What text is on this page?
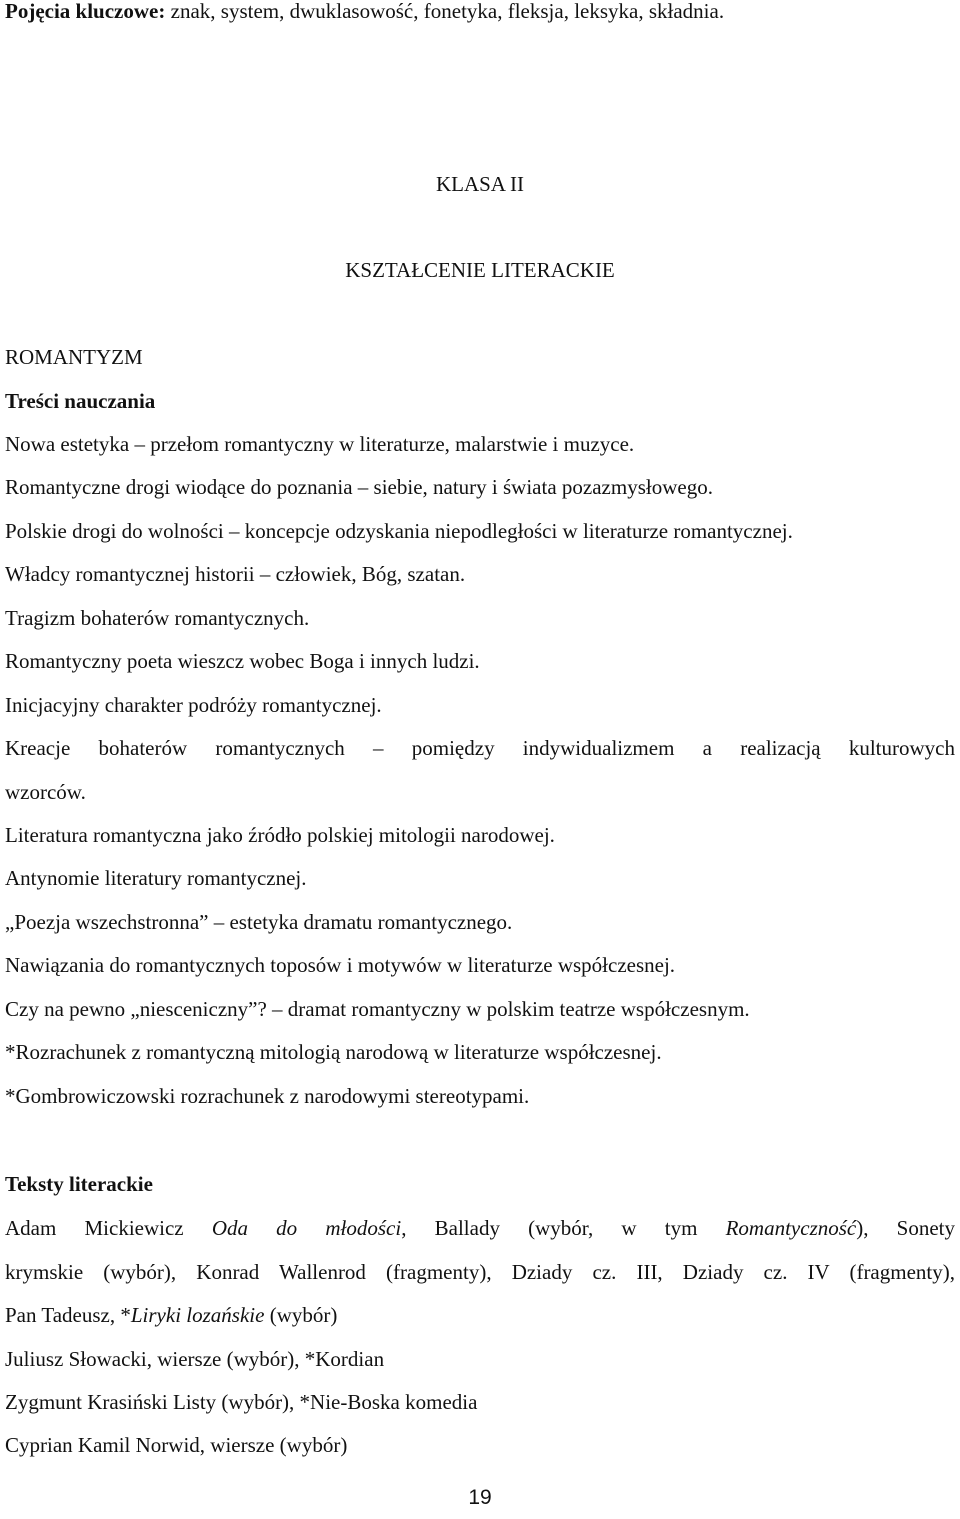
Pojęcia kluczowe: znak, system, dwuklasowość, fonetyka, fleksja, leksyka, składnia.
KLASA II
KSZTAŁCENIE LITERACKIE
ROMANTYZM
Treści nauczania
Nowa estetyka – przełom romantyczny w literaturze, malarstwie i muzyce.
Romantyczne drogi wiodące do poznania – siebie, natury i świata pozazmysłowego.
Polskie drogi do wolności – koncepcje odzyskania niepodległości w literaturze romantycznej.
Władcy romantycznej historii – człowiek, Bóg, szatan.
Tragizm bohaterów romantycznych.
Romantyczny poeta wieszcz wobec Boga i innych ludzi.
Inicjacyjny charakter podróży romantycznej.
Kreacje bohaterów romantycznych – pomiędzy indywidualizmem a realizacją kulturowych
wzorców.
Literatura romantyczna jako źródło polskiej mitologii narodowej.
Antynomie literatury romantycznej.
„Poezja wszechstronna” – estetyka dramatu romantycznego.
Nawiązania do romantycznych toposów i motywów w literaturze współczesnej.
Czy na pewno „niesceniczny”? – dramat romantyczny w polskim teatrze współczesnym.
*Rozrachunek z romantyczną mitologią narodową w literaturze współczesnej.
*Gombrowiczowski rozrachunek z narodowymi stereotypami.
Teksty literackie
Adam Mickiewicz Oda do młodości, Ballady (wybór, w tym Romantyczność), Sonety
krymskie (wybór), Konrad Wallenrod (fragmenty), Dziady cz. III, Dziady cz. IV (fragmenty),
Pan Tadeusz, *Liryki lozańskie (wybór)
Juliusz Słowacki, wiersze (wybór), *Kordian
Zygmunt Krasiński Listy (wybór), *Nie-Boska komedia
Cyprian Kamil Norwid, wiersze (wybór)
19
